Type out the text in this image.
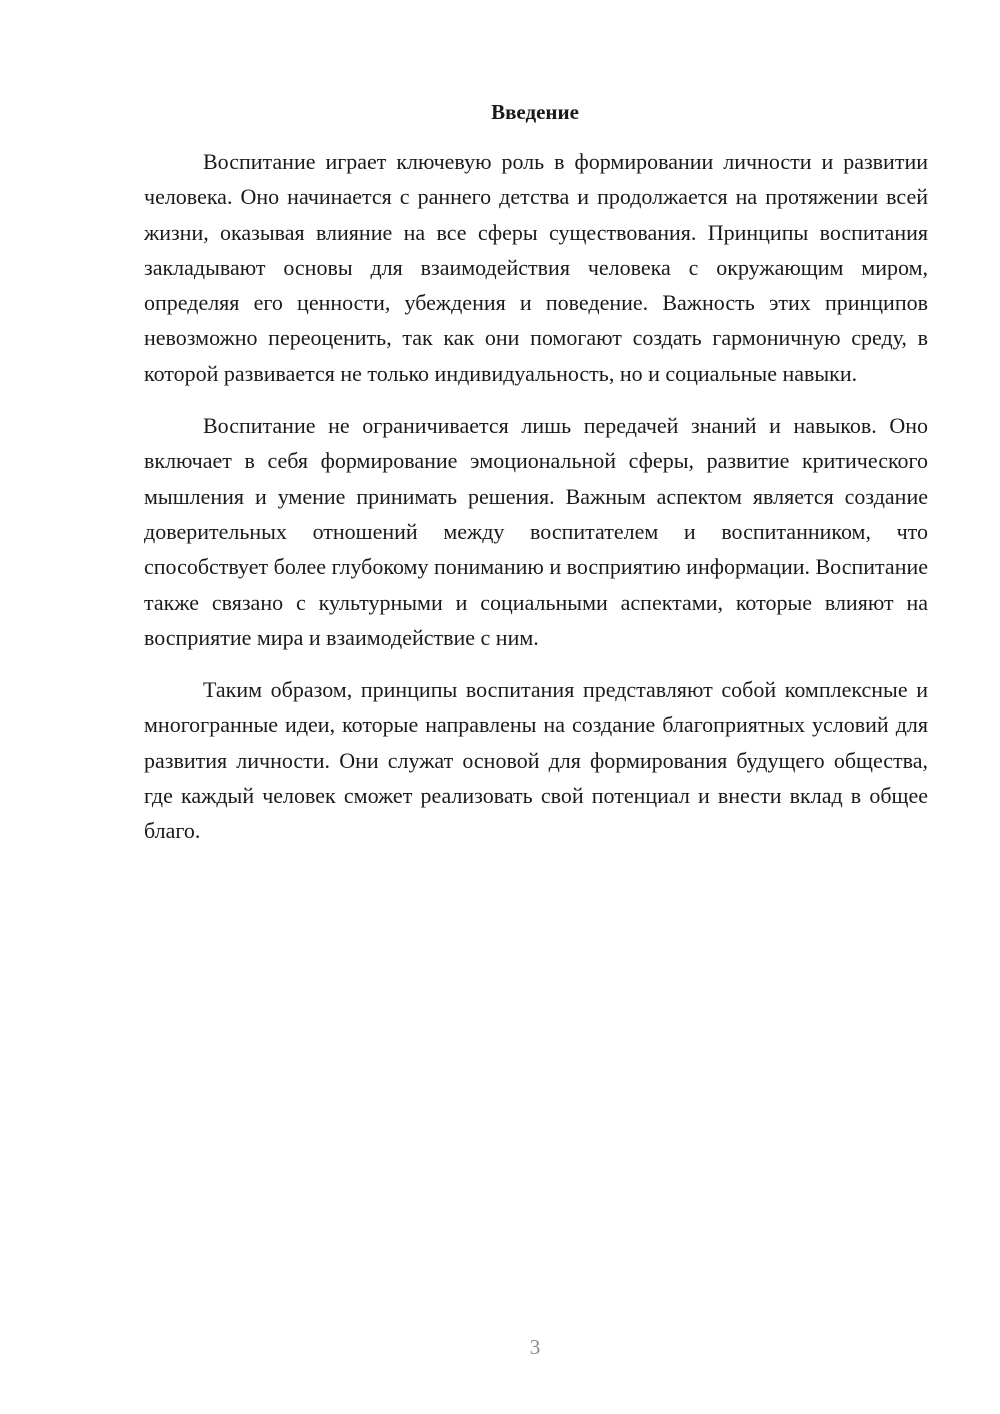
Введение

Воспитание играет ключевую роль в формировании личности и развитии человека. Оно начинается с раннего детства и продолжается на протяжении всей жизни, оказывая влияние на все сферы существования. Принципы воспитания закладывают основы для взаимодействия человека с окружающим миром, определяя его ценности, убеждения и поведение. Важность этих принципов невозможно переоценить, так как они помогают создать гармоничную среду, в которой развивается не только индивидуальность, но и социальные навыки.

Воспитание не ограничивается лишь передачей знаний и навыков. Оно включает в себя формирование эмоциональной сферы, развитие критического мышления и умение принимать решения. Важным аспектом является создание доверительных отношений между воспитателем и воспитанником, что способствует более глубокому пониманию и восприятию информации. Воспитание также связано с культурными и социальными аспектами, которые влияют на восприятие мира и взаимодействие с ним.

Таким образом, принципы воспитания представляют собой комплексные и многогранные идеи, которые направлены на создание благоприятных условий для развития личности. Они служат основой для формирования будущего общества, где каждый человек сможет реализовать свой потенциал и внести вклад в общее благо.

3
